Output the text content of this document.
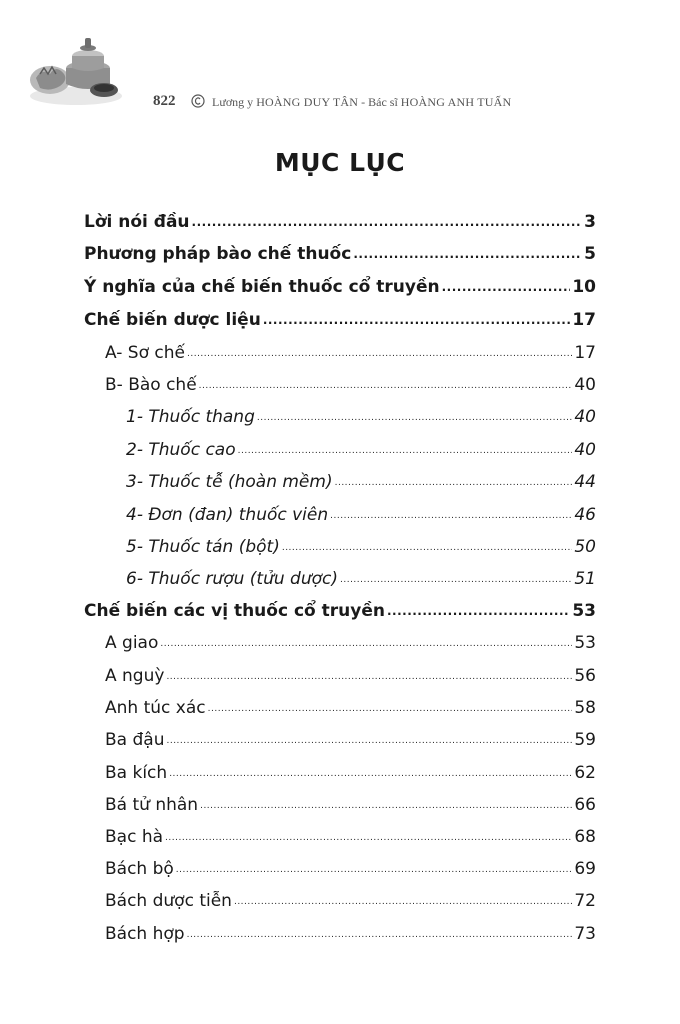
822	Lương y HOÀNG DUY TÂN - Bác sĩ HOÀNG ANH TUẤN
MỤC LỤC
Lời nói đầu .....	3
Phương pháp bào chế thuốc .....	5
Ý nghĩa của chế biến thuốc cổ truyền .....	10
Chế biến dược liệu .....	17
A- Sơ chế .....	17
B- Bào chế .....	40
1- Thuốc thang .....	40
2- Thuốc cao .....	40
3- Thuốc tễ (hoàn mềm) .....	44
4- Đơn (đan) thuốc viên .....	46
5- Thuốc tán (bột) .....	50
6- Thuốc rượu (tửu dược) .....	51
Chế biến các vị thuốc cổ truyền .....	53
A giao .....	53
A nguỳ .....	56
Anh túc xác .....	58
Ba đậu .....	59
Ba kích .....	62
Bá tử nhân .....	66
Bạc hà .....	68
Bách bộ .....	69
Bách dược tiễn .....	72
Bách hợp .....	73
